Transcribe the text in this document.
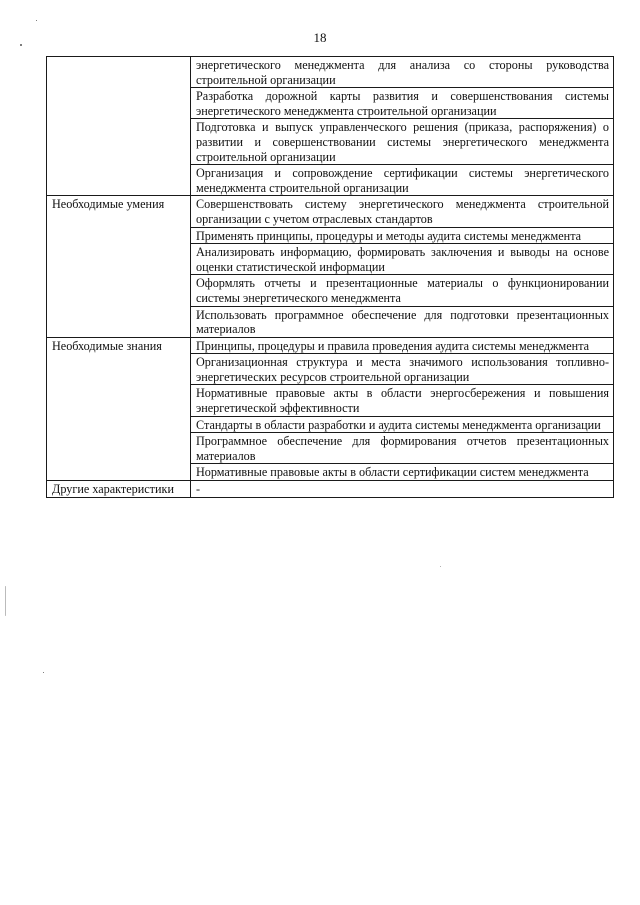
18
	энергетического менеджмента для анализа со стороны руководства строительной организации
	Разработка дорожной карты развития и совершенствования системы энергетического менеджмента строительной организации
	Подготовка и выпуск управленческого решения (приказа, распоряжения) о развитии и совершенствовании системы энергетического менеджмента строительной организации
	Организация и сопровождение сертификации системы энергетического менеджмента строительной организации
Необходимые умения	Совершенствовать систему энергетического менеджмента строительной организации с учетом отраслевых стандартов
	Применять принципы, процедуры и методы аудита системы менеджмента
	Анализировать информацию, формировать заключения и выводы на основе оценки статистической информации
	Оформлять отчеты и презентационные материалы о функционировании системы энергетического менеджмента
	Использовать программное обеспечение для подготовки презентационных материалов
Необходимые знания	Принципы, процедуры и правила проведения аудита системы менеджмента
	Организационная структура и места значимого использования топливно-энергетических ресурсов строительной организации
	Нормативные правовые акты в области энергосбережения и повышения энергетической эффективности
	Стандарты в области разработки и аудита системы менеджмента организации
	Программное обеспечение для формирования отчетов презентационных материалов
	Нормативные правовые акты в области сертификации систем менеджмента
Другие характеристики	-
